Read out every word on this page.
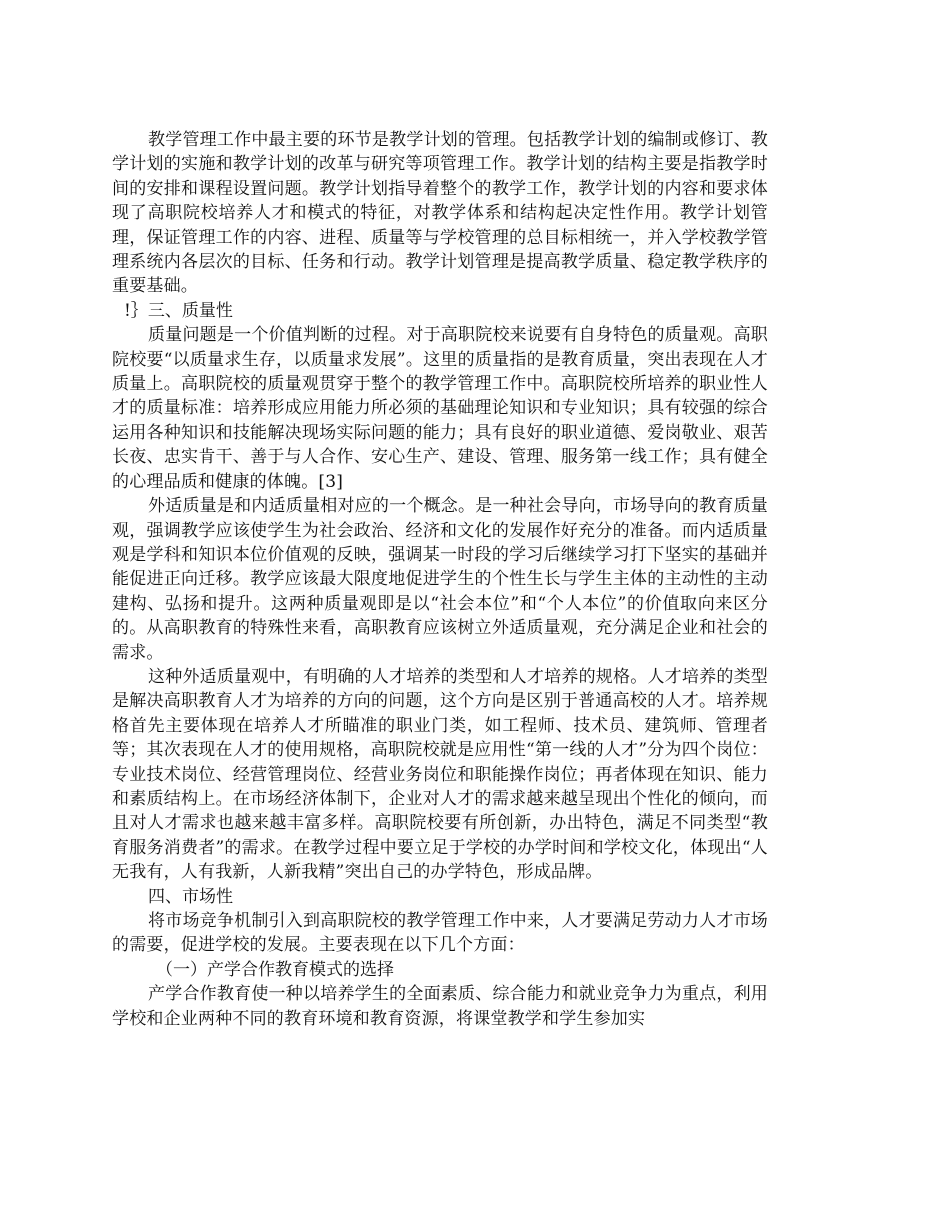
教学管理工作中最主要的环节是教学计划的管理。包括教学计划的编制或修订、教学计划的实施和教学计划的改革与研究等项管理工作。教学计划的结构主要是指教学时间的安排和课程设置问题。教学计划指导着整个的教学工作，教学计划的内容和要求体现了高职院校培养人才和模式的特征，对教学体系和结构起决定性作用。教学计划管理，保证管理工作的内容、进程、质量等与学校管理的总目标相统一，并入学校教学管理系统内各层次的目标、任务和行动。教学计划管理是提高教学质量、稳定教学秩序的重要基础。

!｝三、质量性

质量问题是一个价值判断的过程。对于高职院校来说要有自身特色的质量观。高职院校要“以质量求生存，以质量求发展”。这里的质量指的是教育质量，突出表现在人才质量上。高职院校的质量观贯穿于整个的教学管理工作中。高职院校所培养的职业性人才的质量标准：培养形成应用能力所必须的基础理论知识和专业知识；具有较强的综合运用各种知识和技能解决现场实际问题的能力；具有良好的职业道德、爱岗敬业、艰苦长夜、忠实肯干、善于与人合作、安心生产、建设、管理、服务第一线工作；具有健全的心理品质和健康的体魄。[3]

外适质量是和内适质量相对应的一个概念。是一种社会导向，市场导向的教育质量观，强调教学应该使学生为社会政治、经济和文化的发展作好充分的准备。而内适质量观是学科和知识本位价值观的反映，强调某一时段的学习后继续学习打下坚实的基础并能促进正向迁移。教学应该最大限度地促进学生的个性生长与学生主体的主动性的主动建构、弘扬和提升。这两种质量观即是以“社会本位”和“个人本位”的价值取向来区分的。从高职教育的特殊性来看，高职教育应该树立外适质量观，充分满足企业和社会的需求。

这种外适质量观中，有明确的人才培养的类型和人才培养的规格。人才培养的类型是解决高职教育人才为培养的方向的问题，这个方向是区别于普通高校的人才。培养规格首先主要体现在培养人才所瞄准的职业门类，如工程师、技术员、建筑师、管理者等；其次表现在人才的使用规格，高职院校就是应用性“第一线的人才”分为四个岗位：专业技术岗位、经营管理岗位、经营业务岗位和职能操作岗位；再者体现在知识、能力和素质结构上。在市场经济体制下，企业对人才的需求越来越呈现出个性化的倾向，而且对人才需求也越来越丰富多样。高职院校要有所创新，办出特色，满足不同类型“教育服务消费者”的需求。在教学过程中要立足于学校的办学时间和学校文化，体现出“人无我有，人有我新，人新我精”突出自己的办学特色，形成品牌。

四、市场性

将市场竞争机制引入到高职院校的教学管理工作中来，人才要满足劳动力人才市场的需要，促进学校的发展。主要表现在以下几个方面：

（一）产学合作教育模式的选择

产学合作教育使一种以培养学生的全面素质、综合能力和就业竞争力为重点，利用学校和企业两种不同的教育环境和教育资源，将课堂教学和学生参加实
